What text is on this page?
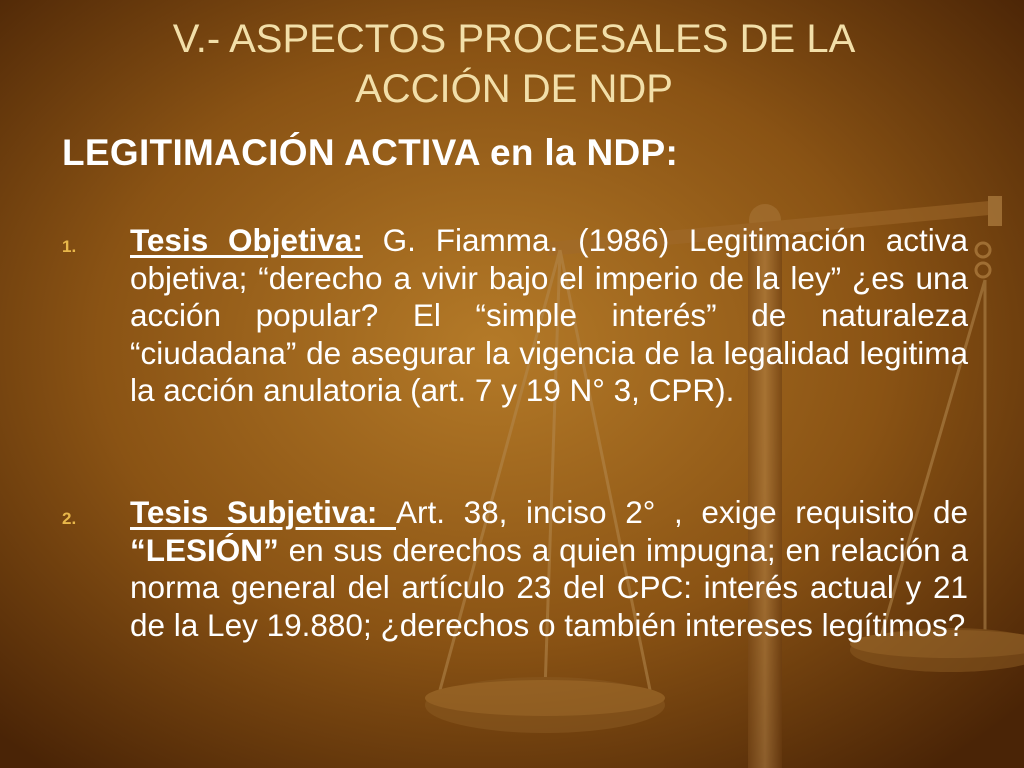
V.- ASPECTOS PROCESALES DE LA
ACCIÓN DE NDP
LEGITIMACIÓN ACTIVA en la NDP:
1. Tesis Objetiva: G. Fiamma. (1986) Legitimación activa objetiva; “derecho a vivir bajo el imperio de la ley” ¿es una acción popular? El “simple interés” de naturaleza “ciudadana” de asegurar la vigencia de la legalidad legitima la acción anulatoria (art. 7 y 19 N° 3, CPR).
2. Tesis Subjetiva: Art. 38, inciso 2° , exige requisito de “LESIÓN” en sus derechos a quien impugna; en relación a norma general del artículo 23 del CPC: interés actual y 21 de la Ley 19.880; ¿derechos o también intereses legítimos?
